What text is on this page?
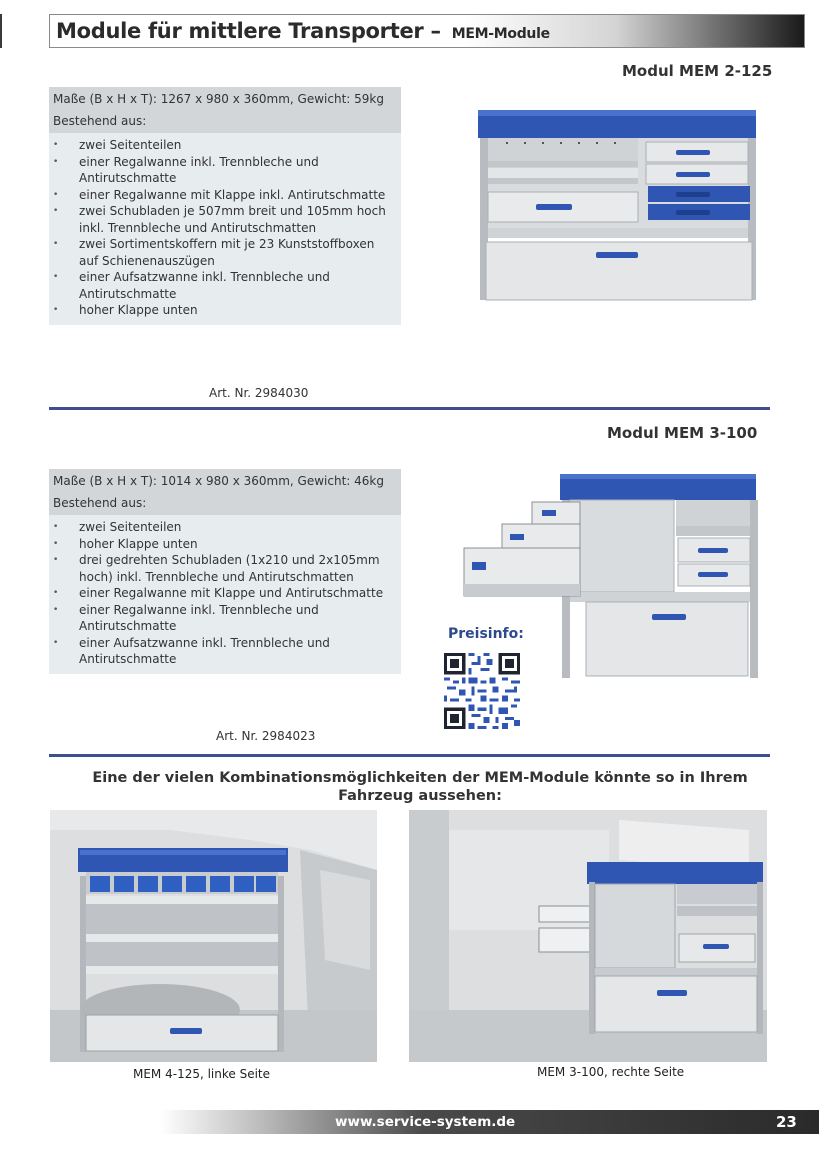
Module für mittlere Transporter – MEM-Module
Modul MEM 2-125
Maße (B x H x T): 1267 x 980 x 360mm, Gewicht: 59kg
Bestehend aus:
• zwei Seitenteilen
• einer Regalwanne inkl. Trennbleche und Antirutschmatte
• einer Regalwanne mit Klappe inkl. Antirutschmatte
• zwei Schubladen je 507mm breit und 105mm hoch inkl. Trennbleche und Antirutschmatten
• zwei Sortimentskoffern mit je 23 Kunststoffboxen auf Schienenauszügen
• einer Aufsatzwanne inkl. Trennbleche und Antirutschmatte
• hoher Klappe unten
Art. Nr. 2984030
Modul MEM 3-100
Maße (B x H x T): 1014 x 980 x 360mm, Gewicht: 46kg
Bestehend aus:
• zwei Seitenteilen
• hoher Klappe unten
• drei gedrehten Schubladen (1x210 und 2x105mm hoch) inkl. Trennbleche und Antirutschmatten
• einer Regalwanne mit Klappe und Antirutschmatte
• einer Regalwanne inkl. Trennbleche und Antirutschmatte
• einer Aufsatzwanne inkl. Trennbleche und Antirutschmatte
Preisinfo:
Art. Nr. 2984023
Eine der vielen Kombinationsmöglichkeiten der MEM-Module könnte so in Ihrem Fahrzeug aussehen:
MEM 4-125, linke Seite	MEM 3-100, rechte Seite
www.service-system.de	23
